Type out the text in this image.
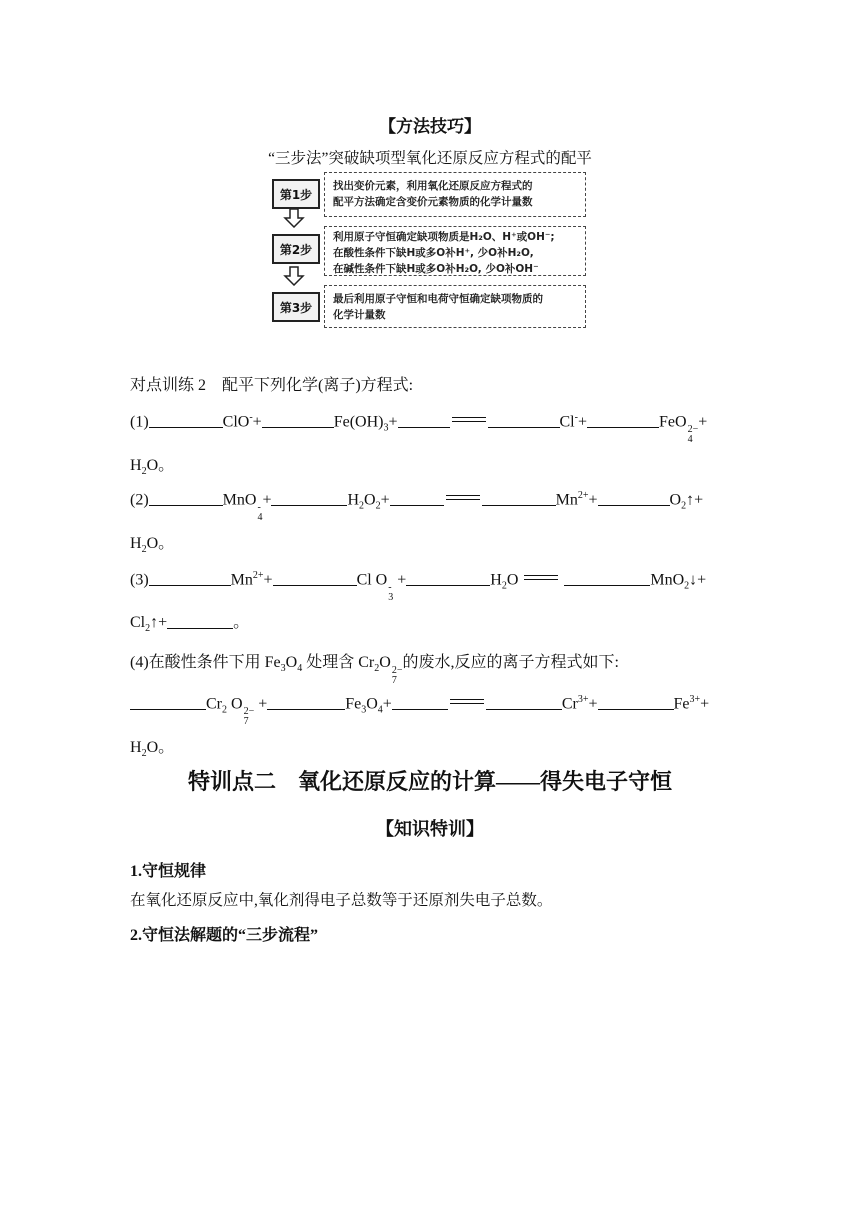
【方法技巧】
“三步法”突破缺项型氧化还原反应方程式的配平
第1步
找出变价元素，利用氧化还原反应方程式的
配平方法确定含变价元素物质的化学计量数
第2步
利用原子守恒确定缺项物质是H₂O、H⁺或OH⁻;
在酸性条件下缺H或多O补H⁺, 少O补H₂O,
在碱性条件下缺H或多O补H₂O, 少O补OH⁻
第3步
最后利用原子守恒和电荷守恒确定缺项物质的
化学计量数
对点训练 2　配平下列化学(离子)方程式:
(1)	ClO-+	$Fe(OH)_3+$	Cl-+	FeO 2−
4
+
$H_2O$。
(2)	MnO -
4
+	$H_2O_2+$	$Mn^{2+}+$	$O_2↑+$
$H_2O$。
(3)	$Mn^{2+}+$	Cl O -
3
+	$H_2O$	MnO$_2$↓+
$Cl_2↑+$	。
(4)在酸性条件下用 $Fe_3O_4$ 处理含 $Cr_2O$ 2−
7
的废水,反应的离子方程式如下:
$Cr_2$ O 2−
7
+	$Fe_3O_4+$	$Cr^{3+}+$	$Fe^{3+}+$
$H_2O$。
特训点二　氧化还原反应的计算——得失电子守恒
【知识特训】
1.守恒规律
在氧化还原反应中,氧化剂得电子总数等于还原剂失电子总数。
2.守恒法解题的“三步流程”
